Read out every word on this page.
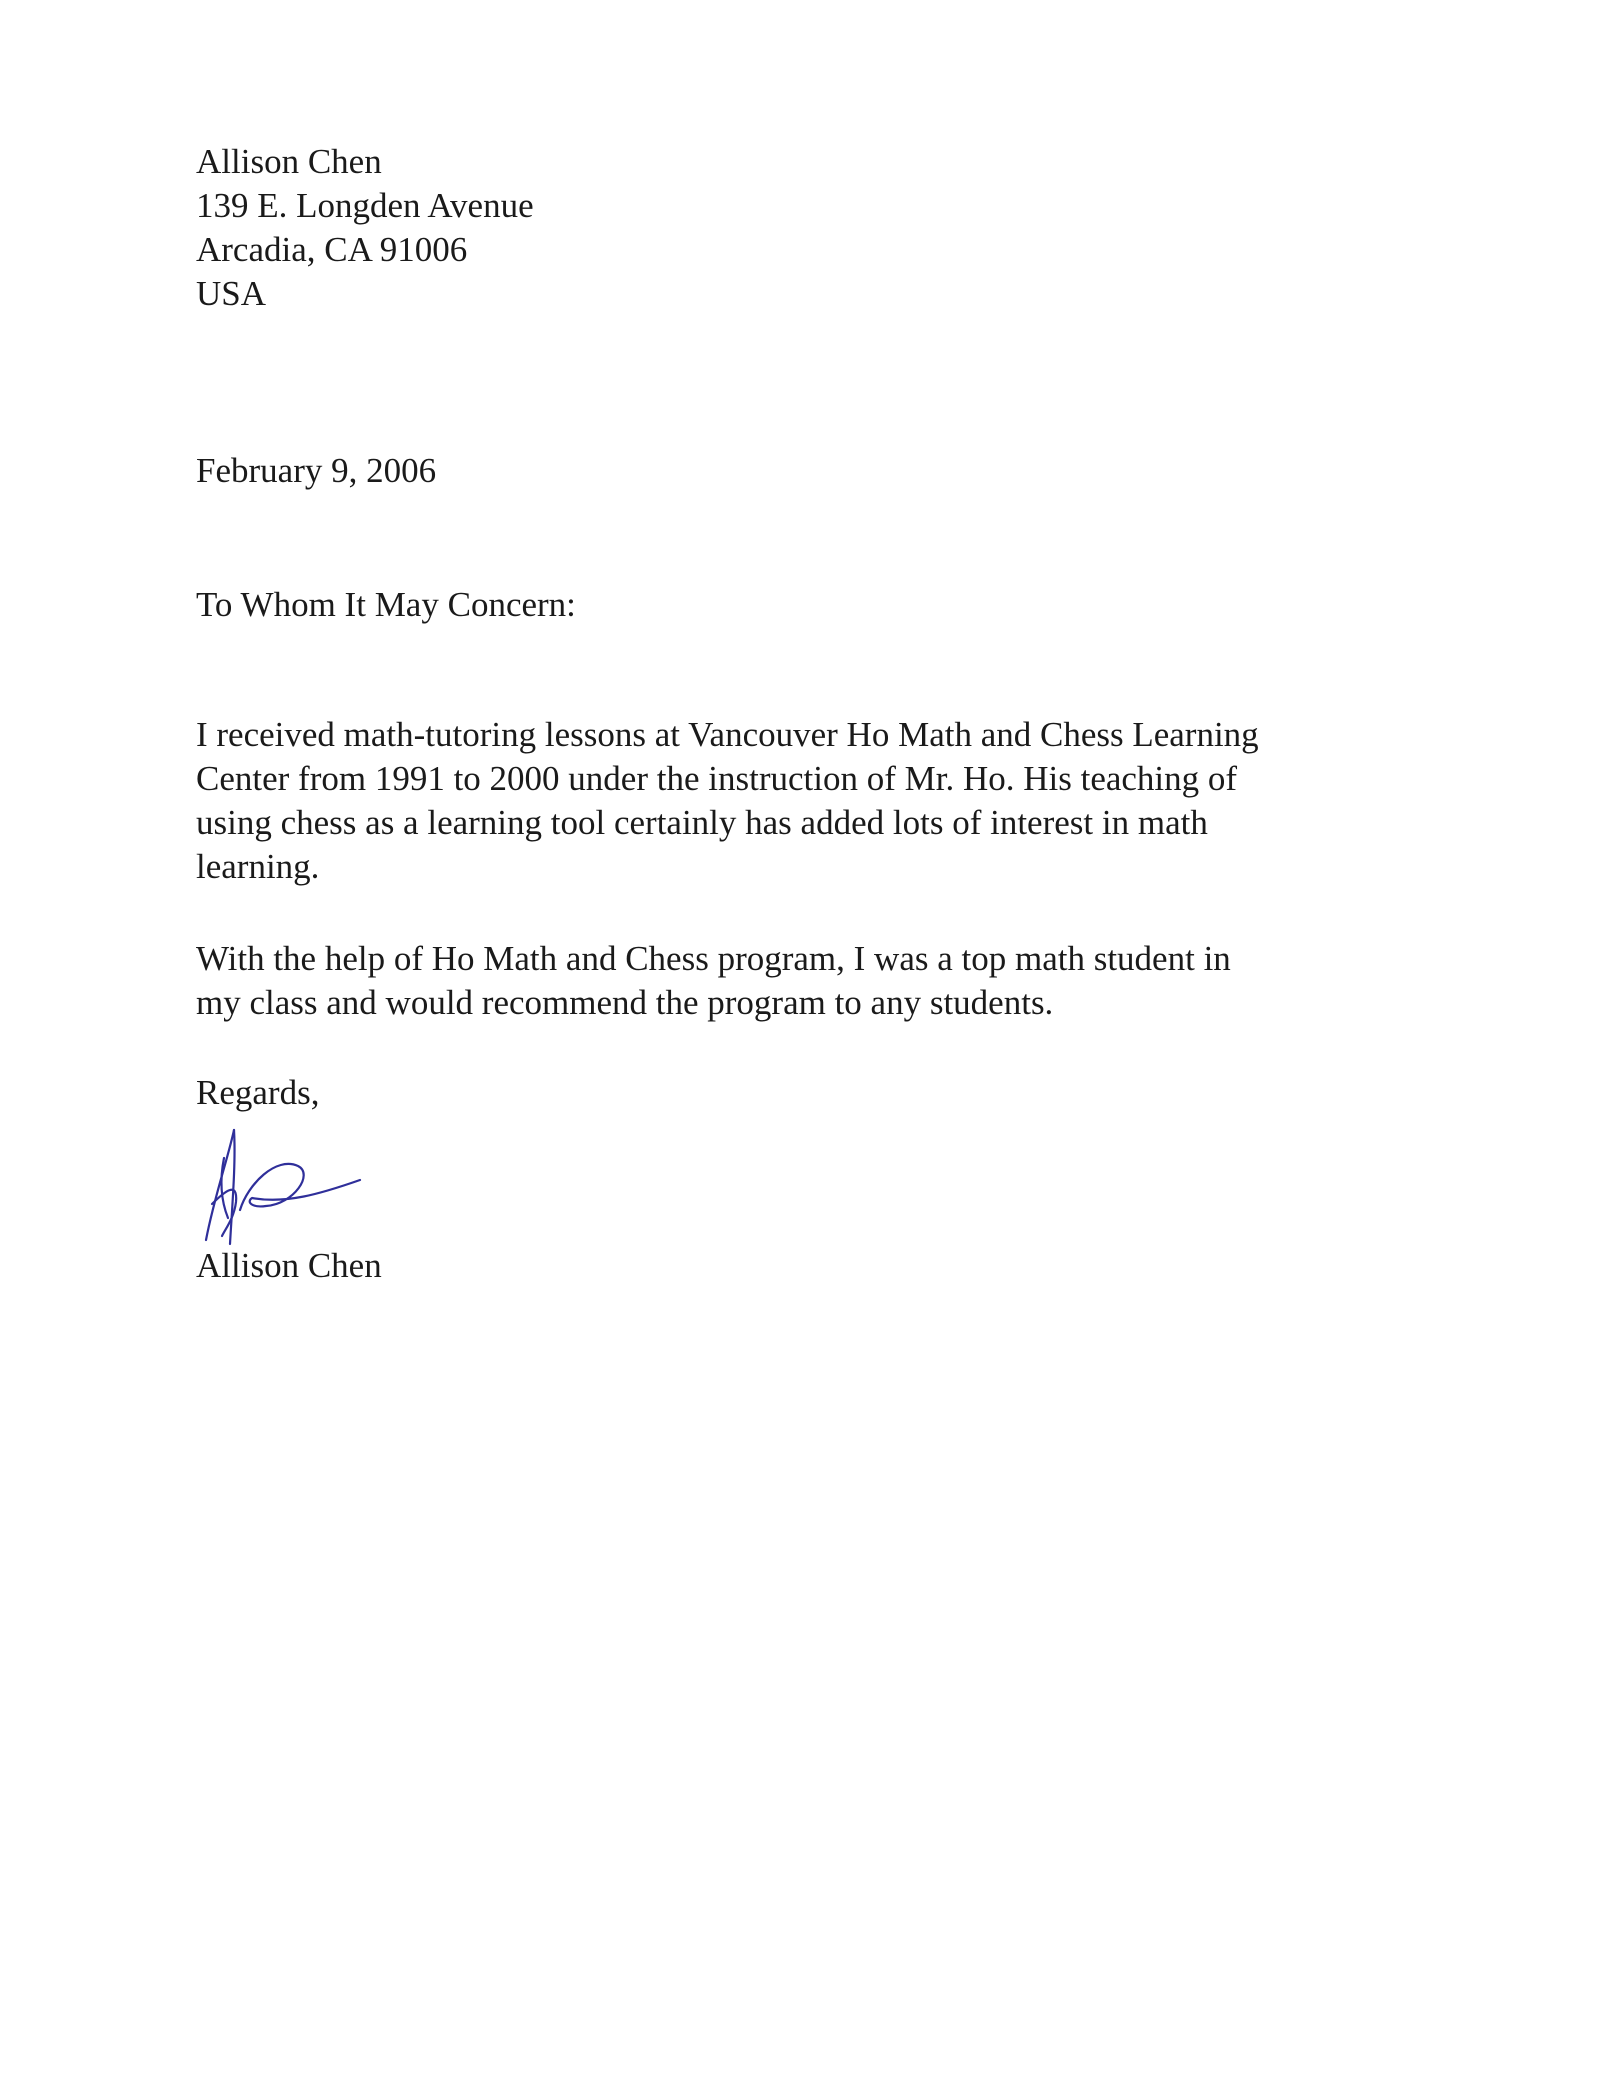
Allison Chen
139 E. Longden Avenue
Arcadia, CA 91006
USA
February 9, 2006
To Whom It May Concern:
I received math-tutoring lessons at Vancouver Ho Math and Chess Learning
Center from 1991 to 2000 under the instruction of Mr. Ho. His teaching of
using chess as a learning tool certainly has added lots of interest in math
learning.
With the help of Ho Math and Chess program, I was a top math student in
my class and would recommend the program to any students.
Regards,
Allison Chen
